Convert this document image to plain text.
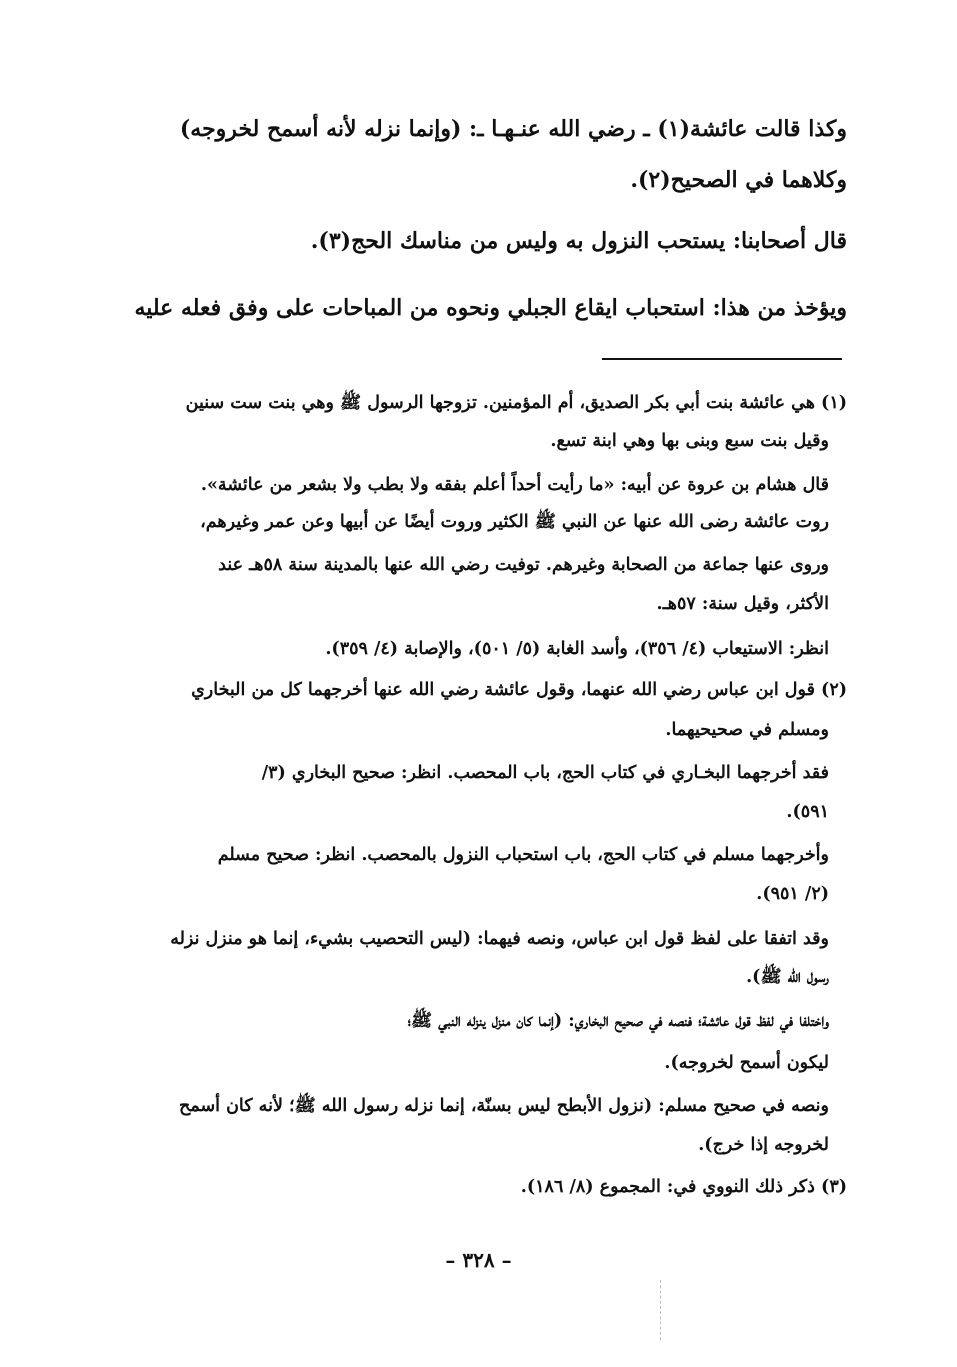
وكذا قالت عائشة(١) ـ رضي الله عنـهـا ـ: (وإنما نزله لأنه أسمح لخروجه)
وكلاهما في الصحيح(٢).
قال أصحابنا: يستحب النزول به وليس من مناسك الحج(٣).
ويؤخذ من هذا: استحباب ايقاع الجبلي ونحوه من المباحات على وفق فعله عليه
(١) هي عائشة بنت أبي بكر الصديق، أم المؤمنين. تزوجها الرسول ﷺ وهي بنت ست سنين
وقيل بنت سبع وبنى بها وهي ابنة تسع.
قال هشام بن عروة عن أبيه: «ما رأيت أحداً أعلم بفقه ولا بطب ولا بشعر من عائشة».
روت عائشة رضى الله عنها عن النبي ﷺ الكثير وروت أيضًا عن أبيها وعن عمر وغيرهم،
وروى عنها جماعة من الصحابة وغيرهم. توفيت رضي الله عنها بالمدينة سنة ٥٨هـ عند
الأكثر، وقيل سنة: ٥٧هـ.
انظر: الاستيعاب (٤/ ٣٥٦)، وأسد الغابة (٥/ ٥٠١)، والإصابة (٤/ ٣٥٩).
(٢) قول ابن عباس رضي الله عنهما، وقول عائشة رضي الله عنها أخرجهما كل من البخاري
ومسلم في صحيحيهما.
فقد أخرجهما البخـاري في كتاب الحج، باب المحصب. انظر: صحيح البخاري (٣/
٥٩١).
وأخرجهما مسلم في كتاب الحج، باب استحباب النزول بالمحصب. انظر: صحيح مسلم
(٢/ ٩٥١).
وقد اتفقا على لفظ قول ابن عباس، ونصه فيهما: (ليس التحصيب بشيء، إنما هو منزل نزله
رسول الله ﷺ).
واختلفا في لفظ قول عائشة؛ فنصه في صحيح البخاري: (إنما كان منزل ينزله النبي ﷺ؛
ليكون أسمح لخروجه).
ونصه في صحيح مسلم: (نزول الأبطح ليس بسنّة، إنما نزله رسول الله ﷺ؛ لأنه كان أسمح
لخروجه إذا خرج).
(٣) ذكر ذلك النووي في: المجموع (٨/ ١٨٦).
– ٣٢٨ –
